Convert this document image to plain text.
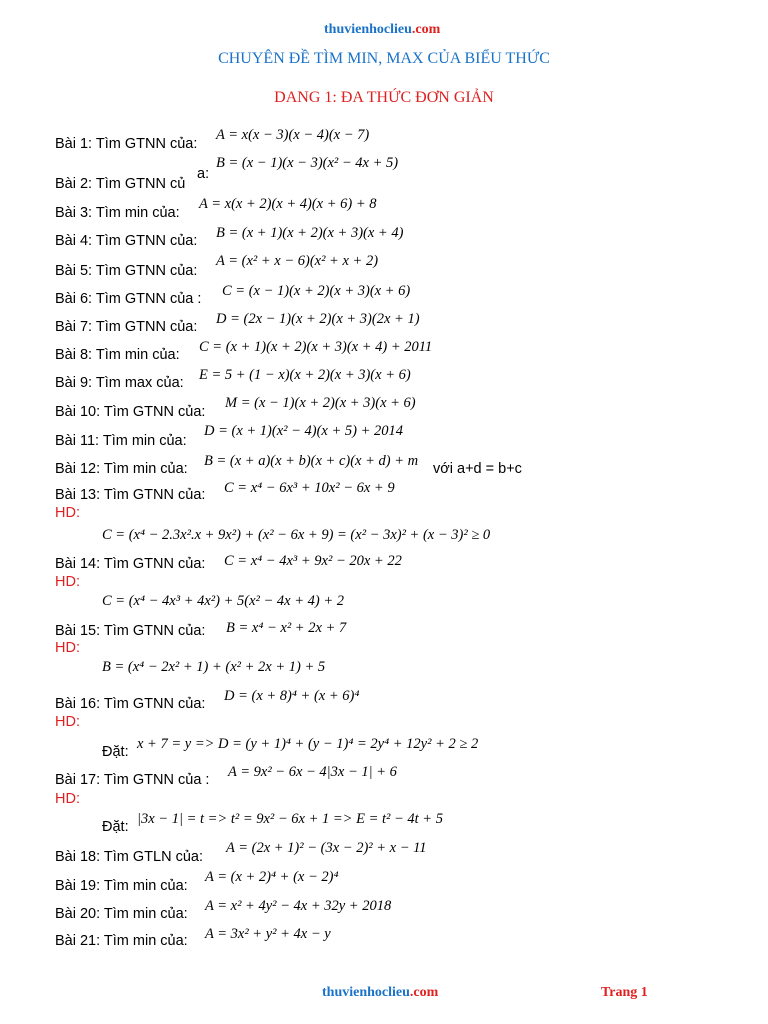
thuvienhoclieu.com
CHUYÊN ĐỀ TÌM MIN, MAX CỦA BIỂU THỨC
DANG 1: ĐA THỨC ĐƠN GIẢN
Bài 1: Tìm GTNN của:
A = x(x − 3)(x − 4)(x − 7)
Bài 2: Tìm GTNN củ
a:
B = (x − 1)(x − 3)(x² − 4x + 5)
Bài 3: Tìm min của:
A = x(x + 2)(x + 4)(x + 6) + 8
Bài 4: Tìm GTNN của: B = (x + 1)(x + 2)(x + 3)(x + 4)
Bài 5: Tìm GTNN của:
A = (x² + x − 6)(x² + x + 2)
Bài 6: Tìm GTNN của : C = (x − 1)(x + 2)(x + 3)(x + 6)
Bài 7: Tìm GTNN của: D = (2x − 1)(x + 2)(x + 3)(2x + 1)
Bài 8: Tìm min của: C = (x + 1)(x + 2)(x + 3)(x + 4) + 2011
Bài 9: Tìm max của: E = 5 + (1 − x)(x + 2)(x + 3)(x + 6)
Bài 10: Tìm GTNN của:
M = (x − 1)(x + 2)(x + 3)(x + 6)
Bài 11: Tìm min của:
D = (x + 1)(x² − 4)(x + 5) + 2014
Bài 12: Tìm min của: B = (x + a)(x + b)(x + c)(x + d) + m với a+d = b+c
Bài 13: Tìm GTNN của: C = x⁴ − 6x³ + 10x² − 6x + 9
HD:
C = (x⁴ − 2.3x².x + 9x²) + (x² − 6x + 9) = (x² − 3x)² + (x − 3)² ≥ 0
Bài 14: Tìm GTNN của: C = x⁴ − 4x³ + 9x² − 20x + 22
HD:
C = (x⁴ − 4x³ + 4x²) + 5(x² − 4x + 4) + 2
Bài 15: Tìm GTNN của: B = x⁴ − x² + 2x + 7
HD:
B = (x⁴ − 2x² + 1) + (x² + 2x + 1) + 5
Bài 16: Tìm GTNN của: D = (x + 8)⁴ + (x + 6)⁴
HD:
Đặt: x + 7 = y => D = (y + 1)⁴ + (y − 1)⁴ = 2y⁴ + 12y² + 2 ≥ 2
Bài 17: Tìm GTNN của : A = 9x² − 6x − 4|3x − 1| + 6
HD:
Đặt: |3x − 1| = t => t² = 9x² − 6x + 1 => E = t² − 4t + 5
Bài 18: Tìm GTLN của:
A = (2x + 1)² − (3x − 2)² + x − 11
Bài 19: Tìm min của:
A = (x + 2)⁴ + (x − 2)⁴
Bài 20: Tìm min của: A = x² + 4y² − 4x + 32y + 2018
Bài 21: Tìm min của: A = 3x² + y² + 4x − y
thuvienhoclieu.com	Trang 1
